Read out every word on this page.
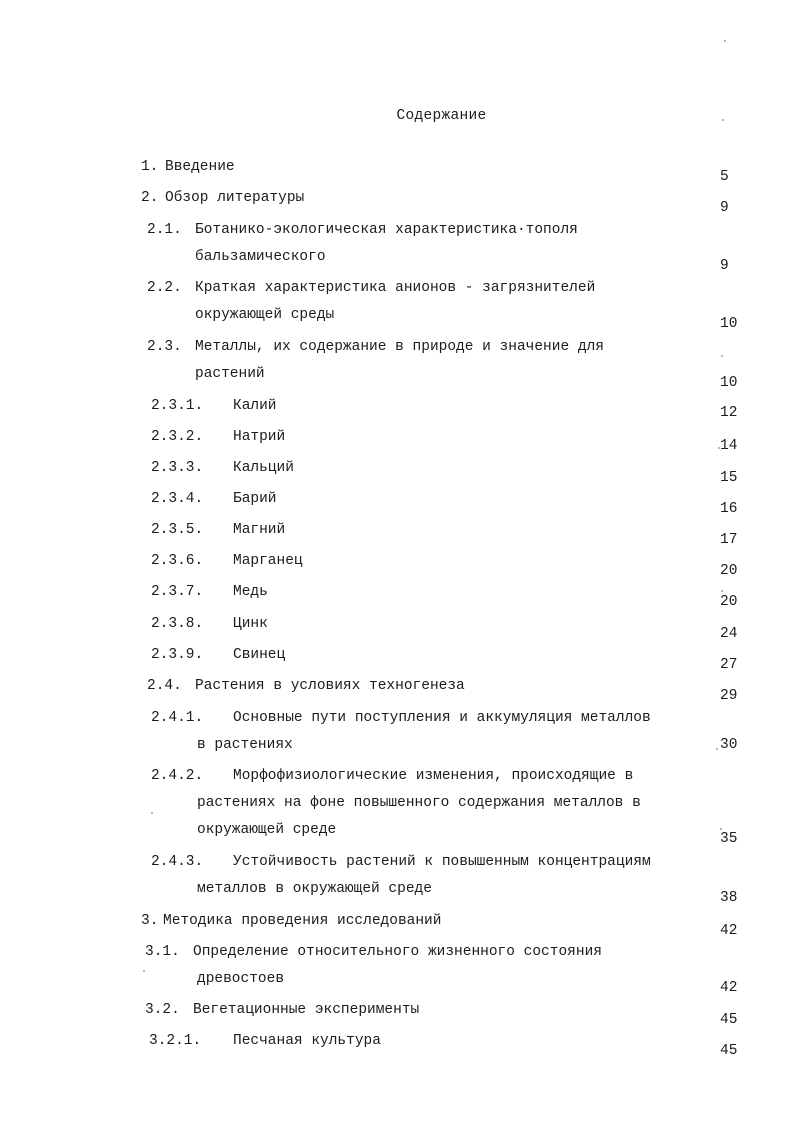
Содержание
1. Введение
5
2. Обзор литературы
9
2.1. Ботанико-экологическая характеристика·тополя
бальзамического
9
2.2. Краткая характеристика анионов - загрязнителей
окружающей среды
10
2.3. Металлы, их содержание в природе и значение для
растений
10
2.3.1. Калий	12
2.3.2. Натрий
14
2.3.3. Кальций
15
2.3.4. Барий
16
2.3.5. Магний
17
2.3.6. Марганец
20
2.3.7. Медь
20
2.3.8. Цинк
24
2.3.9. Свинец
27
2.4. Растения в условиях техногенеза
29
2.4.1. Основные пути поступления и аккумуляция металлов
в растениях	30
2.4.2. Морфофизиологические изменения, происходящие в
растениях на фоне повышенного содержания металлов в
окружающей среде
35
2.4.3. Устойчивость растений к повышенным концентрациям
металлов в окружающей среде
38
3. Методика проведения исследований
42
3.1. Определение относительного жизненного состояния
древостоев
42
3.2. Вегетационные эксперименты
45
3.2.1. Песчаная культура
45
